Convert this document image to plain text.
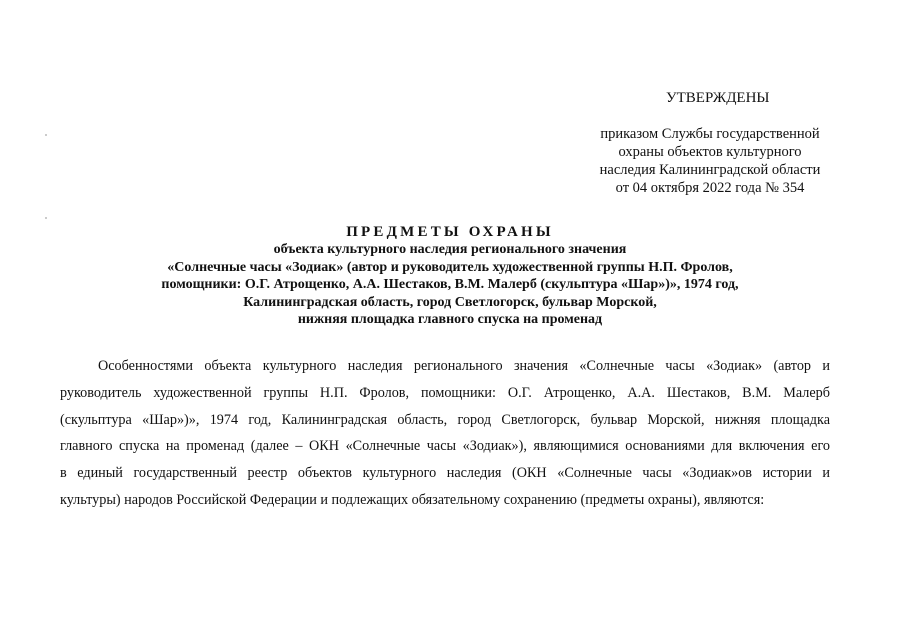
УТВЕРЖДЕНЫ
приказом Службы государственной
охраны объектов культурного
наследия Калининградской области
от 04 октября 2022 года № 354
ПРЕДМЕТЫ ОХРАНЫ
объекта культурного наследия регионального значения
«Солнечные часы «Зодиак» (автор и руководитель художественной группы Н.П. Фролов,
помощники: О.Г. Атрощенко, А.А. Шестаков, В.М. Малерб (скульптура «Шар»)», 1974 год,
Калининградская область, город Светлогорск, бульвар Морской,
нижняя площадка главного спуска на променад
Особенностями объекта культурного наследия регионального значения «Солнечные часы «Зодиак» (автор и
руководитель художественной группы Н.П. Фролов, помощники: О.Г. Атрощенко, А.А. Шестаков, В.М. Малерб
(скульптура «Шар»)», 1974 год, Калининградская область, город Светлогорск, бульвар Морской, нижняя площадка
главного спуска на променад (далее – ОКН «Солнечные часы «Зодиак»), являющимися основаниями для включения его
в единый государственный реестр объектов культурного наследия (ОКН «Солнечные часы «Зодиак»ов истории и
культуры) народов Российской Федерации и подлежащих обязательному сохранению (предметы охраны), являются:
